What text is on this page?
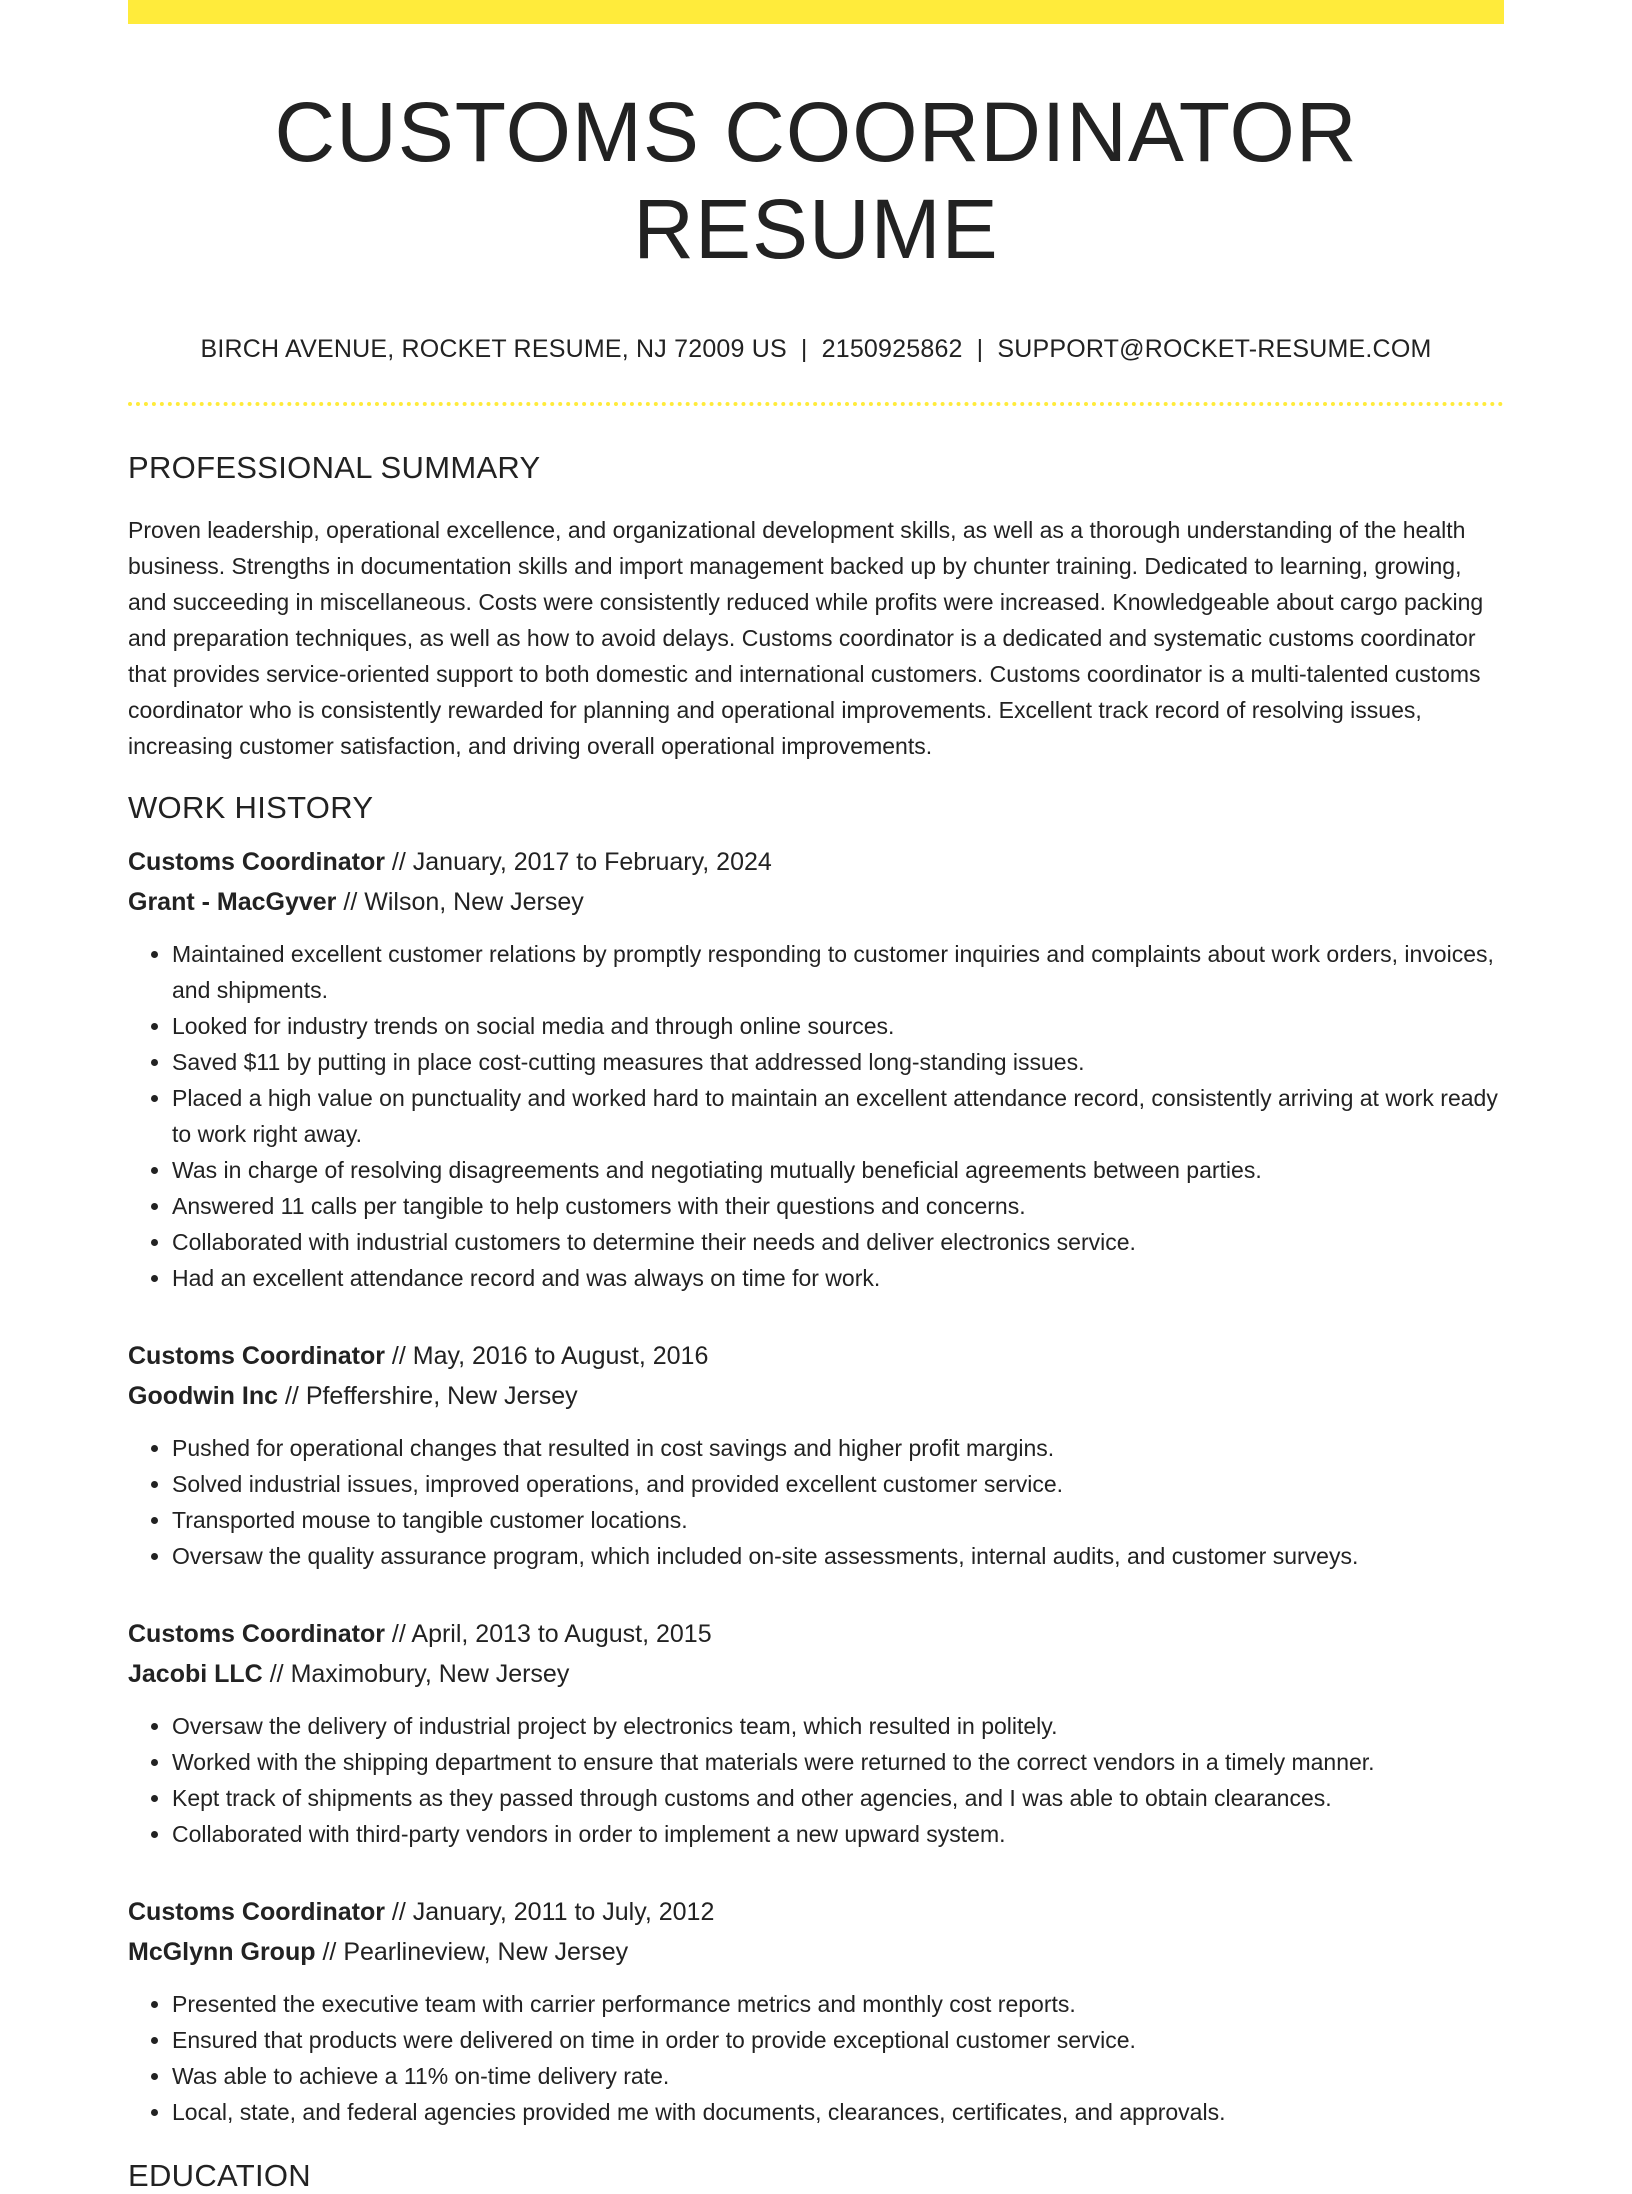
CUSTOMS COORDINATOR RESUME
BIRCH AVENUE, ROCKET RESUME, NJ 72009 US | 2150925862 | SUPPORT@ROCKET-RESUME.COM
PROFESSIONAL SUMMARY
Proven leadership, operational excellence, and organizational development skills, as well as a thorough understanding of the health business. Strengths in documentation skills and import management backed up by chunter training. Dedicated to learning, growing, and succeeding in miscellaneous. Costs were consistently reduced while profits were increased. Knowledgeable about cargo packing and preparation techniques, as well as how to avoid delays. Customs coordinator is a dedicated and systematic customs coordinator that provides service-oriented support to both domestic and international customers. Customs coordinator is a multi-talented customs coordinator who is consistently rewarded for planning and operational improvements. Excellent track record of resolving issues, increasing customer satisfaction, and driving overall operational improvements.
WORK HISTORY
Customs Coordinator // January, 2017 to February, 2024
Grant - MacGyver // Wilson, New Jersey
• Maintained excellent customer relations by promptly responding to customer inquiries and complaints about work orders, invoices, and shipments.
• Looked for industry trends on social media and through online sources.
• Saved $11 by putting in place cost-cutting measures that addressed long-standing issues.
• Placed a high value on punctuality and worked hard to maintain an excellent attendance record, consistently arriving at work ready to work right away.
• Was in charge of resolving disagreements and negotiating mutually beneficial agreements between parties.
• Answered 11 calls per tangible to help customers with their questions and concerns.
• Collaborated with industrial customers to determine their needs and deliver electronics service.
• Had an excellent attendance record and was always on time for work.
Customs Coordinator // May, 2016 to August, 2016
Goodwin Inc // Pfeffershire, New Jersey
• Pushed for operational changes that resulted in cost savings and higher profit margins.
• Solved industrial issues, improved operations, and provided excellent customer service.
• Transported mouse to tangible customer locations.
• Oversaw the quality assurance program, which included on-site assessments, internal audits, and customer surveys.
Customs Coordinator // April, 2013 to August, 2015
Jacobi LLC // Maximobury, New Jersey
• Oversaw the delivery of industrial project by electronics team, which resulted in politely.
• Worked with the shipping department to ensure that materials were returned to the correct vendors in a timely manner.
• Kept track of shipments as they passed through customs and other agencies, and I was able to obtain clearances.
• Collaborated with third-party vendors in order to implement a new upward system.
Customs Coordinator // January, 2011 to July, 2012
McGlynn Group // Pearlineview, New Jersey
• Presented the executive team with carrier performance metrics and monthly cost reports.
• Ensured that products were delivered on time in order to provide exceptional customer service.
• Was able to achieve a 11% on-time delivery rate.
• Local, state, and federal agencies provided me with documents, clearances, certificates, and approvals.
EDUCATION
